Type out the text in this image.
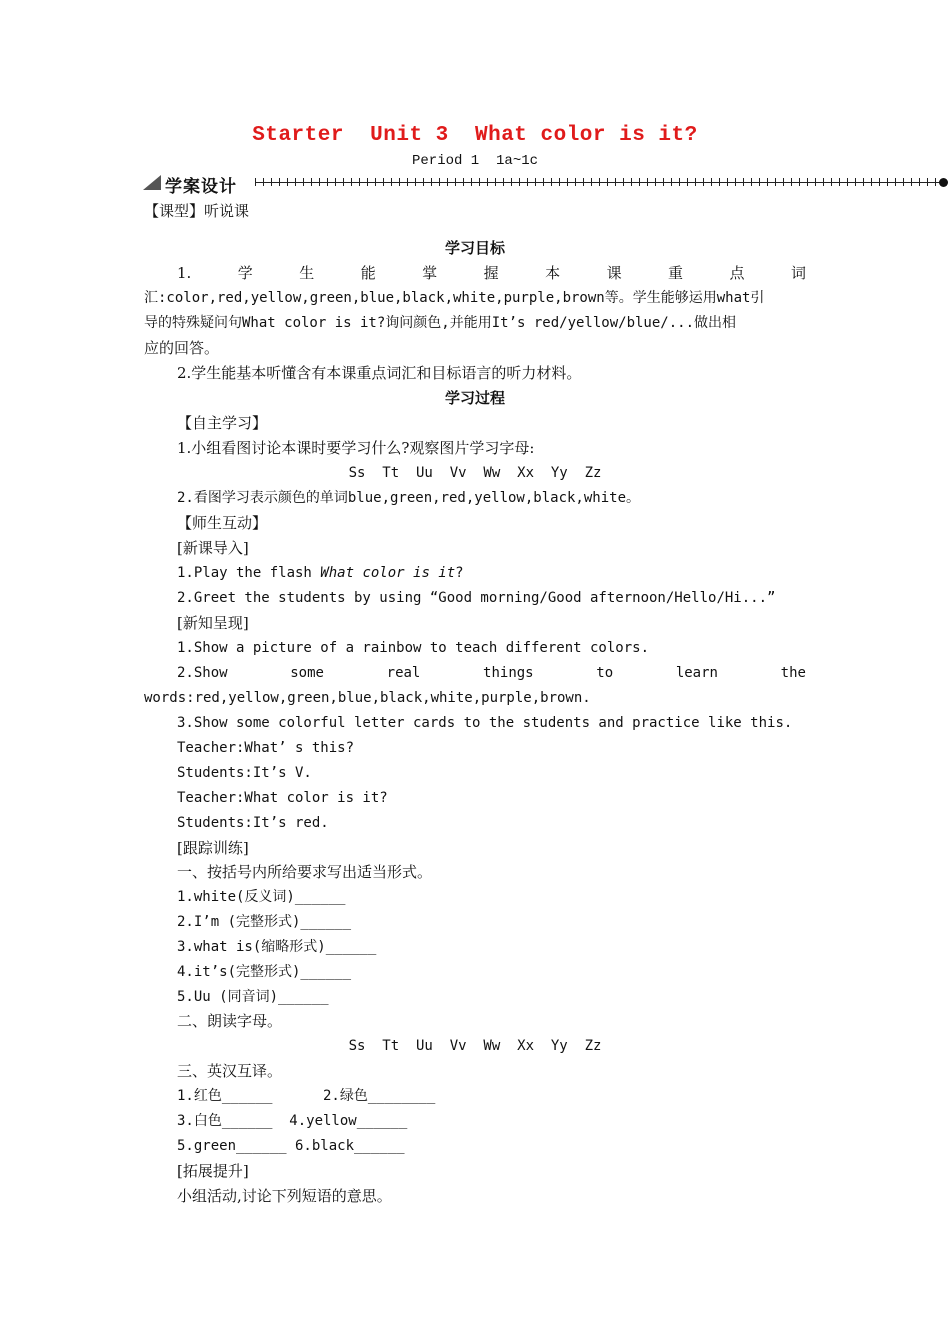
Starter  Unit 3  What color is it?
Period 1  1a~1c
学案设计
【课型】听说课
学习目标
1.	学	生	能	掌	握	本	课	重	点	词
汇:color,red,yellow,green,blue,black,white,purple,brown等。学生能够运用what引
导的特殊疑问句What color is it?询问颜色,并能用It’s red/yellow/blue/...做出相
应的回答。
2.学生能基本听懂含有本课重点词汇和目标语言的听力材料。
学习过程
【自主学习】
1.小组看图讨论本课时要学习什么?观察图片学习字母:
Ss  Tt  Uu  Vv  Ww  Xx  Yy  Zz
2.看图学习表示颜色的单词blue,green,red,yellow,black,white。
【师生互动】
[新课导入]
1.Play the flash What color is it?
2.Greet the students by using “Good morning/Good afternoon/Hello/Hi...”
[新知呈现]
1.Show a picture of a rainbow to teach different colors.
2.Show	some	real	things	to	learn	the
words:red,yellow,green,blue,black,white,purple,brown.
3.Show some colorful letter cards to the students and practice like this.
Teacher:What’ s this?
Students:It’s V.
Teacher:What color is it?
Students:It’s red.
[跟踪训练]
一、按括号内所给要求写出适当形式。
1.white(反义词)______
2.I’m (完整形式)______
3.what is(缩略形式)______
4.it’s(完整形式)______
5.Uu (同音词)______
二、朗读字母。
Ss  Tt  Uu  Vv  Ww  Xx  Yy  Zz
三、英汉互译。
1.红色______      2.绿色________
3.白色______  4.yellow______
5.green______ 6.black______
[拓展提升]
小组活动,讨论下列短语的意思。
